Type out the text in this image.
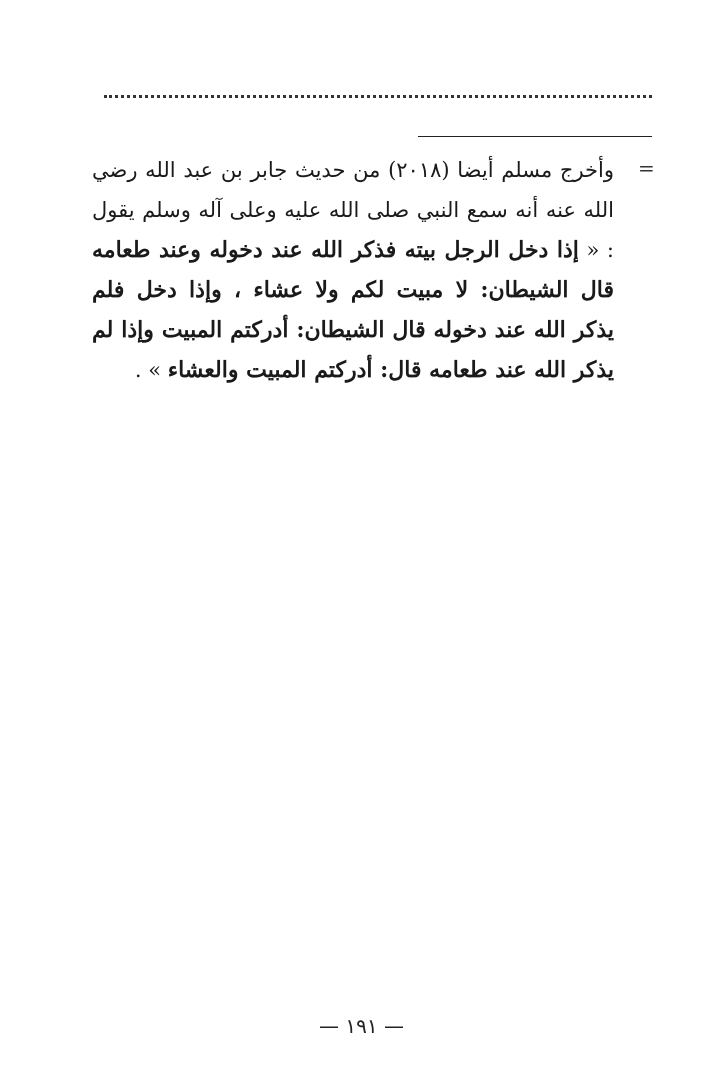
=
وأخرج مسلم أيضا (٢٠١٨) من حديث جابر بن عبد الله رضي الله عنه أنه سمع النبي صلى الله عليه وعلى آله وسلم يقول : « إذا دخل الرجل بيته فذكر الله عند دخوله وعند طعامه قال الشيطان: لا مبيت لكم ولا عشاء ، وإذا دخل فلم يذكر الله عند دخوله قال الشيطان: أدركتم المبيت وإذا لم يذكر الله عند طعامه قال: أدركتم المبيت والعشاء » .
— ١٩١ —
